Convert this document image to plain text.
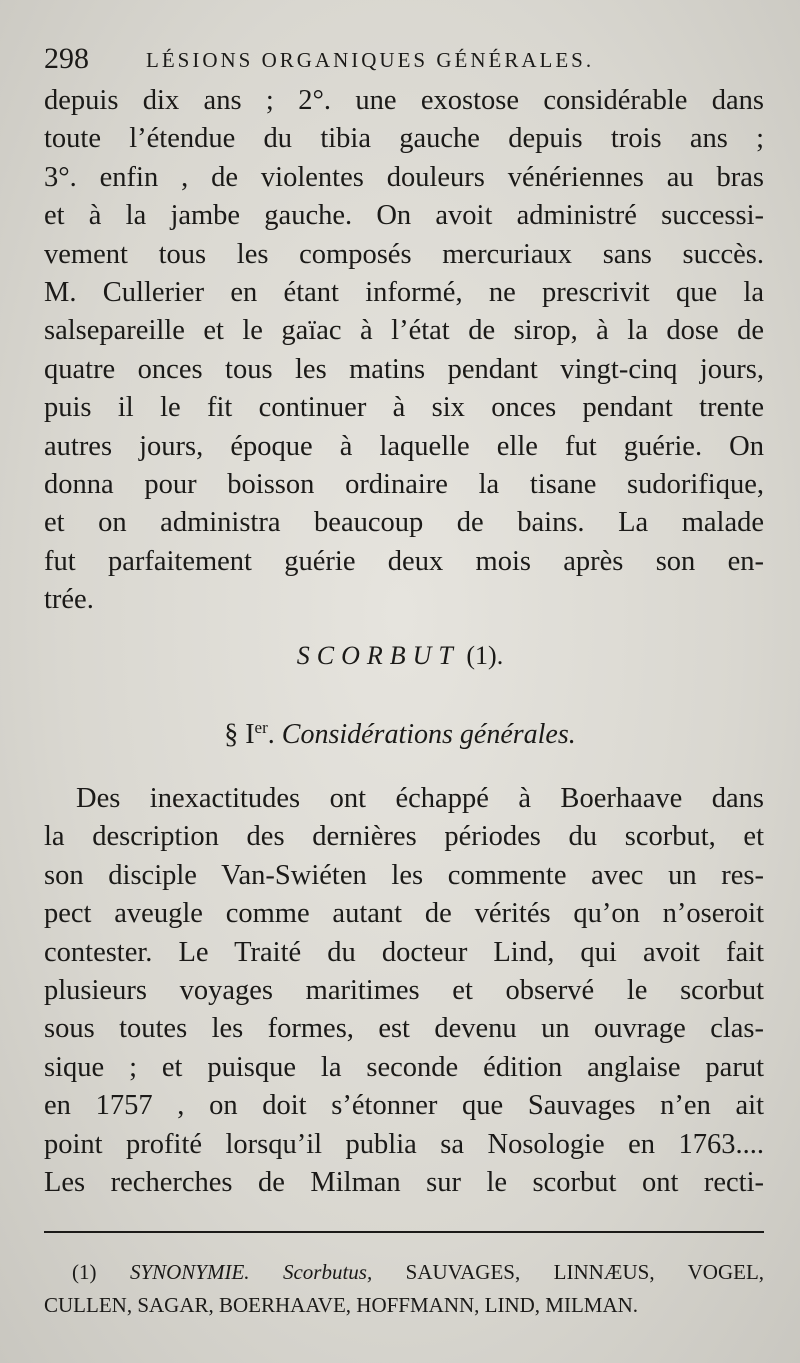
298	LÉSIONS ORGANIQUES GÉNÉRALES.
depuis dix ans ; 2°. une exostose considérable dans
toute l’étendue du tibia gauche depuis trois ans ;
3°. enfin , de violentes douleurs vénériennes au bras
et à la jambe gauche. On avoit administré successi-
vement tous les composés mercuriaux sans succès.
M. Cullerier en étant informé, ne prescrivit que la
salsepareille et le gaïac à l’état de sirop, à la dose de
quatre onces tous les matins pendant vingt-cinq jours,
puis il le fit continuer à six onces pendant trente
autres jours, époque à laquelle elle fut guérie. On
donna pour boisson ordinaire la tisane sudorifique,
et on administra beaucoup de bains. La malade
fut parfaitement guérie deux mois après son en-
trée.
SCORBUT (1).
§ Ier. Considérations générales.
Des inexactitudes ont échappé à Boerhaave dans
la description des dernières périodes du scorbut, et
son disciple Van-Swiéten les commente avec un res-
pect aveugle comme autant de vérités qu’on n’oseroit
contester. Le Traité du docteur Lind, qui avoit fait
plusieurs voyages maritimes et observé le scorbut
sous toutes les formes, est devenu un ouvrage clas-
sique ; et puisque la seconde édition anglaise parut
en 1757 , on doit s’étonner que Sauvages n’en ait
point profité lorsqu’il publia sa Nosologie en 1763....
Les recherches de Milman sur le scorbut ont recti-
(1) SYNONYMIE. Scorbutus, SAUVAGES, LINNÆUS, VOGEL,
CULLEN, SAGAR, BOERHAAVE, HOFFMANN, LIND, MILMAN.
